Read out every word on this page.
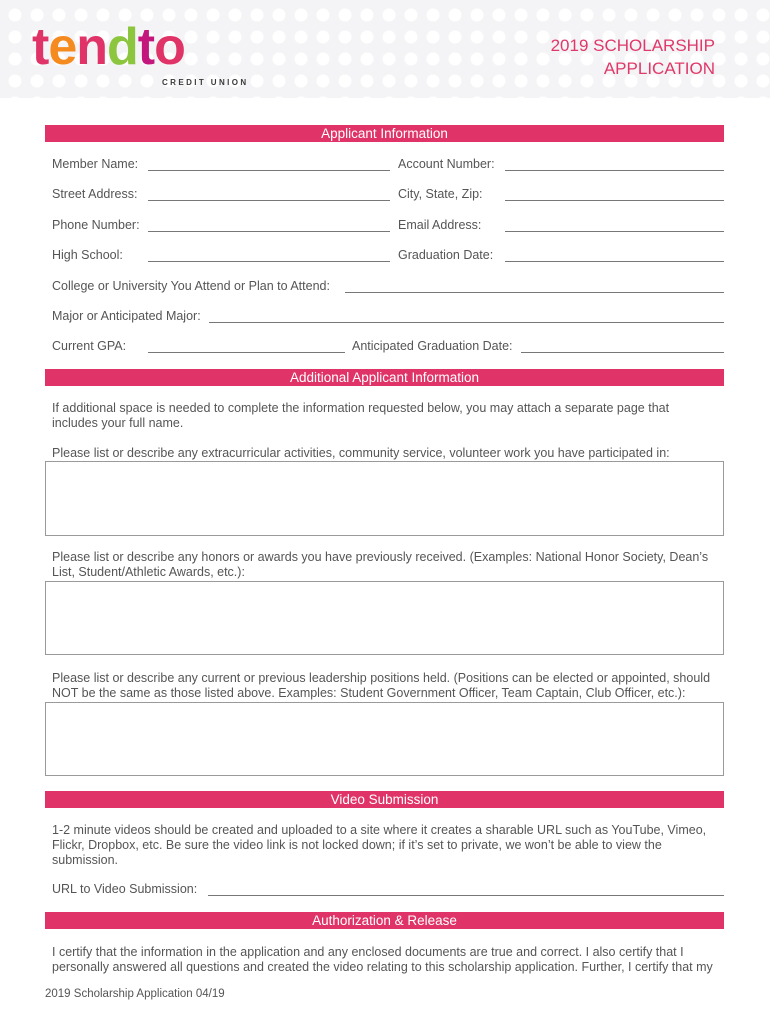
tendto
CREDIT UNION
2019 SCHOLARSHIP
APPLICATION
Applicant Information
Member Name:	Account Number:
Street Address:	City, State, Zip:
Phone Number:	Email Address:
High School:	Graduation Date:
College or University You Attend or Plan to Attend:
Major or Anticipated Major:
Current GPA:	Anticipated Graduation Date:
Additional Applicant Information
If additional space is needed to complete the information requested below, you may attach a separate page that
includes your full name.
Please list or describe any extracurricular activities, community service, volunteer work you have participated in:
Please list or describe any honors or awards you have previously received. (Examples: National Honor Society, Dean’s
List, Student/Athletic Awards, etc.):
Please list or describe any current or previous leadership positions held. (Positions can be elected or appointed, should
NOT be the same as those listed above. Examples: Student Government Officer, Team Captain, Club Officer, etc.):
Video Submission
1-2 minute videos should be created and uploaded to a site where it creates a sharable URL such as YouTube, Vimeo,
Flickr, Dropbox, etc. Be sure the video link is not locked down; if it’s set to private, we won’t be able to view the
submission.
URL to Video Submission:
Authorization & Release
I certify that the information in the application and any enclosed documents are true and correct. I also certify that I
personally answered all questions and created the video relating to this scholarship application. Further, I certify that my
2019 Scholarship Application 04/19
